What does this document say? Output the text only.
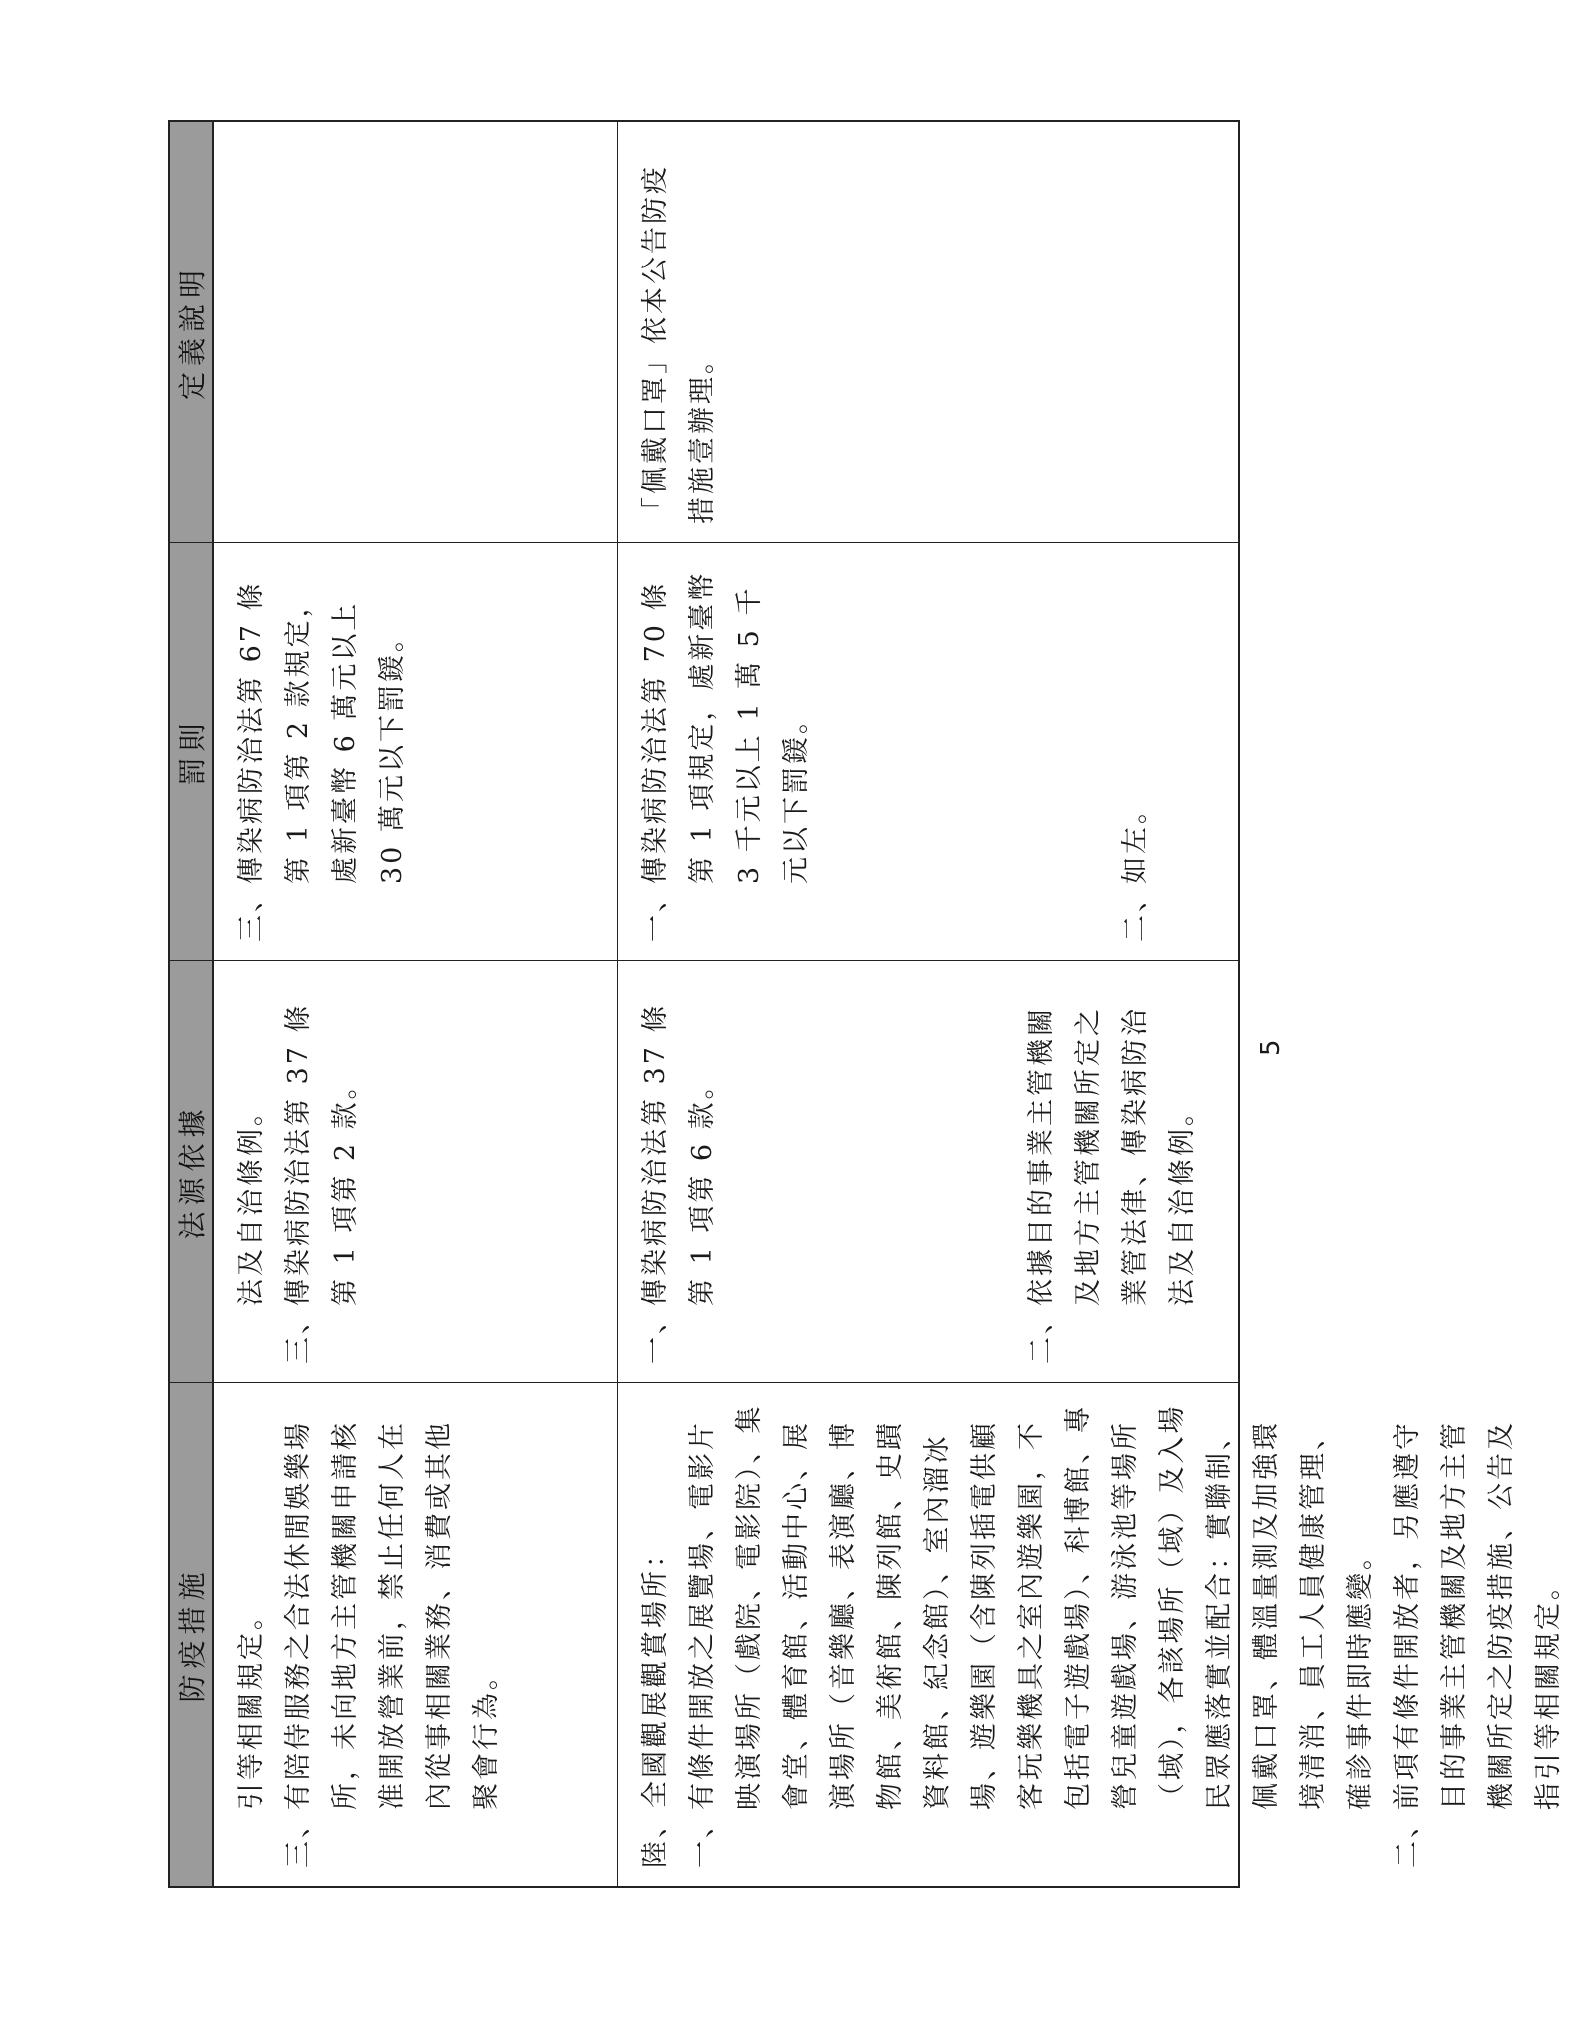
防疫措施
法源依據
罰則
定義說明
引等相關規定。
三、
有陪侍服務之合法休閒娛樂場所，未向地方主管機關申請核准開放營業前，禁止任何人在內從事相關業務、消費或其他聚會行為。
法及自治條例。
三、
傳染病防治法第 37 條第 1 項第 2 款。
三、
傳染病防治法第 67 條第 1 項第 2 款規定，處新臺幣 6 萬元以上 30 萬元以下罰鍰。
陸、全國觀展觀賞場所： 一、
有條件開放之展覽場、電影片映演場所（戲院、電影院）、集會堂、體育館、活動中心、展演場所（音樂廳、表演廳、博物館、美術館、陳列館、史蹟資料館、紀念館）、室內溜冰場、遊樂園（含陳列插電供顧客玩樂機具之室內遊樂園，不包括電子遊戲場）、科博館、專營兒童遊戲場、游泳池等場所（域），各該場所（域）及入場民眾應落實並配合：實聯制、佩戴口罩、體溫量測及加強環境清消、員工人員健康管理、確診事件即時應變。
二、
前項有條件開放者，另應遵守目的事業主管機關及地方主管機關所定之防疫措施、公告及指引等相關規定。
一、
傳染病防治法第 37 條第 1 項第 6 款。
二、
依據目的事業主管機關及地方主管機關所定之業管法律、傳染病防治法及自治條例。
一、
傳染病防治法第 70 條第 1 項規定，處新臺幣 3 千元以上 1 萬 5 千元以下罰鍰。
二、
如左。
「佩戴口罩」依本公告防疫措施壹辦理。
5
